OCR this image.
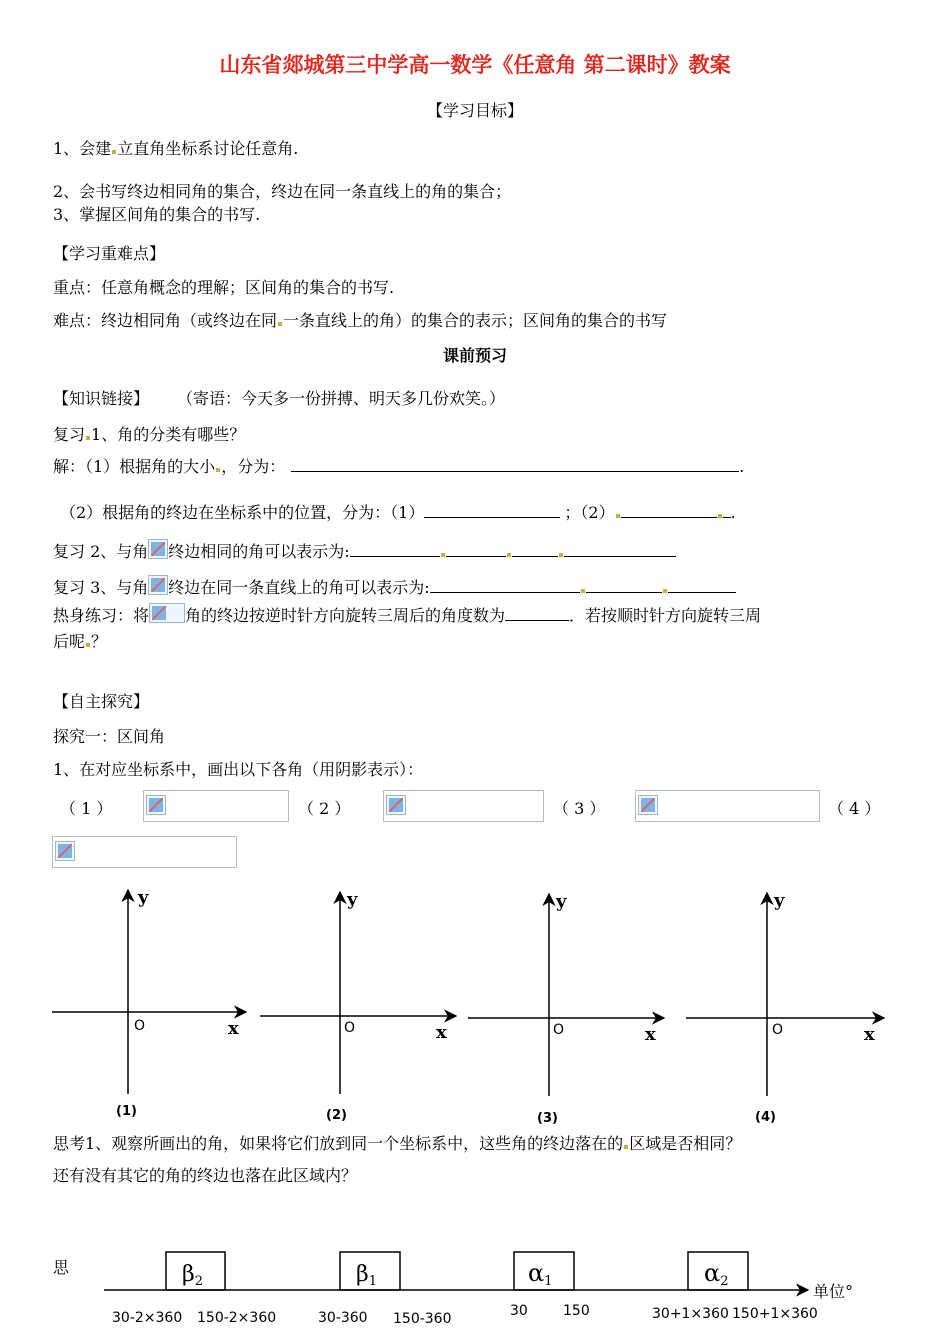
山东省郯城第三中学高一数学《任意角 第二课时》教案
【学习目标】
1、会建 立直角坐标系讨论任意角.
2、会书写终边相同角的集合，终边在同一条直线上的角的集合；
3、掌握区间角的集合的书写.
【学习重难点】
重点：任意角概念的理解；区间角的集合的书写.
难点：终边相同角（或终边在同 一条直线上的角）的集合的表示；区间角的集合的书写
课前预习
【知识链接】 （寄语：今天多一份拼搏、明天多几份欢笑。）
复习 1、角的分类有哪些？
解：（1）根据角的大小 ，分为：	.
（2）根据角的终边在坐标系中的位置，分为：（1）	；（2）	.
复习 2、与角 终边相同的角可以表示为:
复习 3、与角 终边在同一条直线上的角可以表示为:
热身练习：将 角的终边按逆时针方向旋转三周后的角度数为	．若按顺时针方向旋转三周
后呢 ？
【自主探究】
探究一：区间角
1、在对应坐标系中，画出以下各角（用阴影表示）：
（ 1 ）	（ 2 ）	（ 3 ）	（ 4 ）
y
x
O
(1)
y
x
O
(2)
y
x
O
(3)
y
x
O
(4)
β2	β1	α1	α2
单位°
30-2×360 150-2×360	30-360 150-360	30	150	30+1×360 150+1×360
思考1、观察所画出的角，如果将它们放到同一个坐标系中，这些角的终边落在的 区域是否相同？
还有没有其它的角的终边也落在此区域内？
思
